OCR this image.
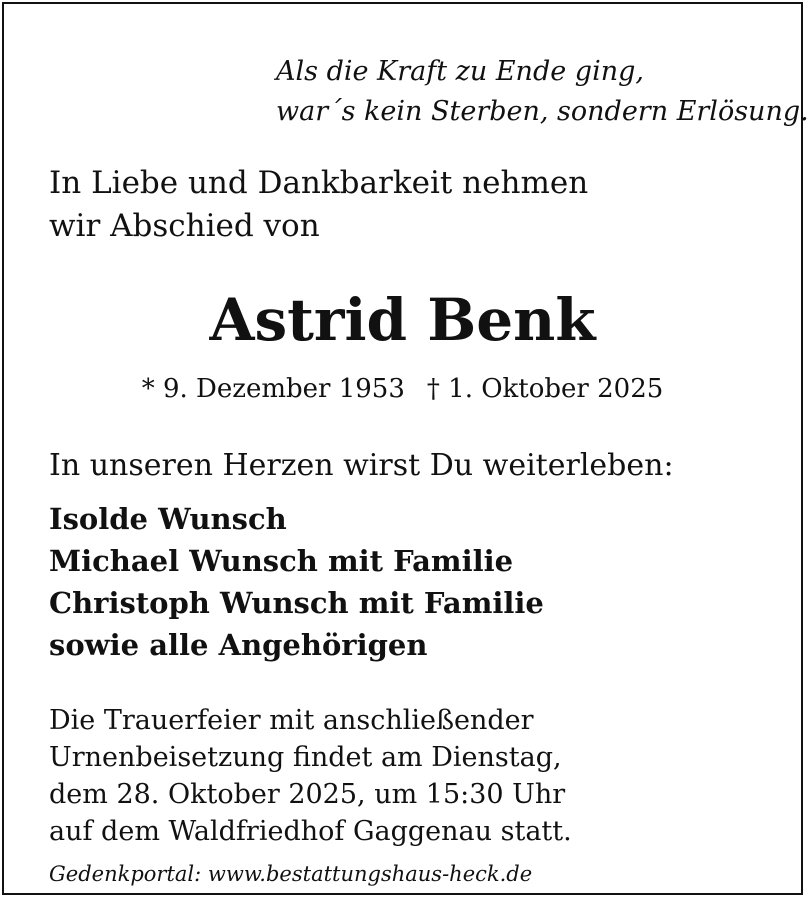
Als die Kraft zu Ende ging,
war´s kein Sterben, sondern Erlösung.
In Liebe und Dankbarkeit nehmen
wir Abschied von
Astrid Benk
* 9. Dezember 1953 † 1. Oktober 2025
In unseren Herzen wirst Du weiterleben:
Isolde Wunsch
Michael Wunsch mit Familie
Christoph Wunsch mit Familie
sowie alle Angehörigen
Die Trauerfeier mit anschließender
Urnenbeisetzung findet am Dienstag,
dem 28. Oktober 2025, um 15:30 Uhr
auf dem Waldfriedhof Gaggenau statt.
Gedenkportal: www.bestattungshaus-heck.de
